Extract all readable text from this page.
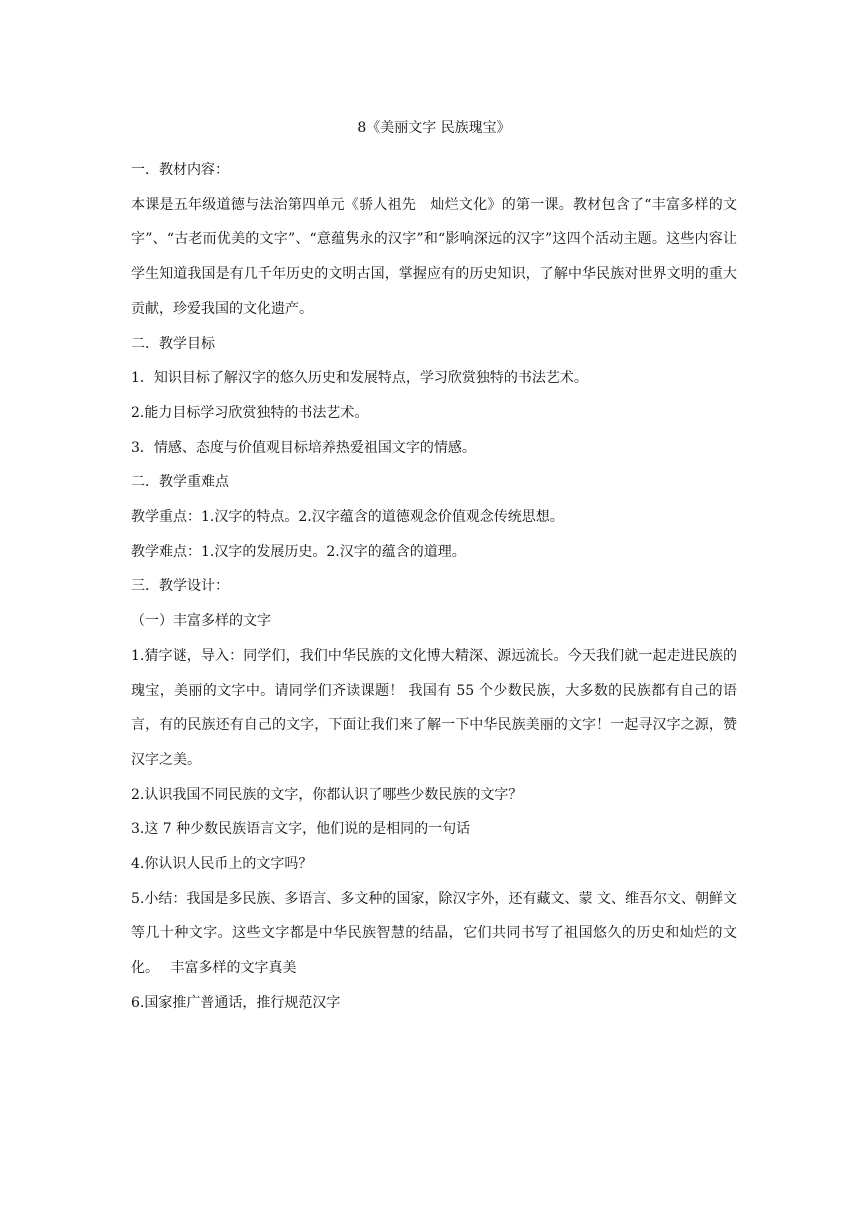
8《美丽文字 民族瑰宝》
一．教材内容：
本课是五年级道德与法治第四单元《骄人祖先　灿烂文化》的第一课。教材包含了“丰富多样的文字”、“古老而优美的文字”、“意蕴隽永的汉字”和“影响深远的汉字”这四个活动主题。这些内容让学生知道我国是有几千年历史的文明古国，掌握应有的历史知识，了解中华民族对世界文明的重大贡献，珍爱我国的文化遗产。
二．教学目标
1．知识目标了解汉字的悠久历史和发展特点，学习欣赏独特的书法艺术。
2.能力目标学习欣赏独特的书法艺术。
3．情感、态度与价值观目标培养热爱祖国文字的情感。
二．教学重难点
教学重点：1.汉字的特点。2.汉字蕴含的道德观念价值观念传统思想。
教学难点：1.汉字的发展历史。2.汉字的蕴含的道理。
三．教学设计：
（一）丰富多样的文字
1.猜字谜，导入：同学们，我们中华民族的文化博大精深、源远流长。今天我们就一起走进民族的瑰宝，美丽的文字中。请同学们齐读课题！ 我国有 55 个少数民族，大多数的民族都有自己的语言，有的民族还有自己的文字，下面让我们来了解一下中华民族美丽的文字！一起寻汉字之源，赞汉字之美。
2.认识我国不同民族的文字，你都认识了哪些少数民族的文字？
3.这 7 种少数民族语言文字，他们说的是相同的一句话
4.你认识人民币上的文字吗？
5.小结：我国是多民族、多语言、多文种的国家，除汉字外，还有藏文、蒙 文、维吾尔文、朝鲜文等几十种文字。这些文字都是中华民族智慧的结晶，它们共同书写了祖国悠久的历史和灿烂的文化。　 丰富多样的文字真美
6.国家推广普通话，推行规范汉字
